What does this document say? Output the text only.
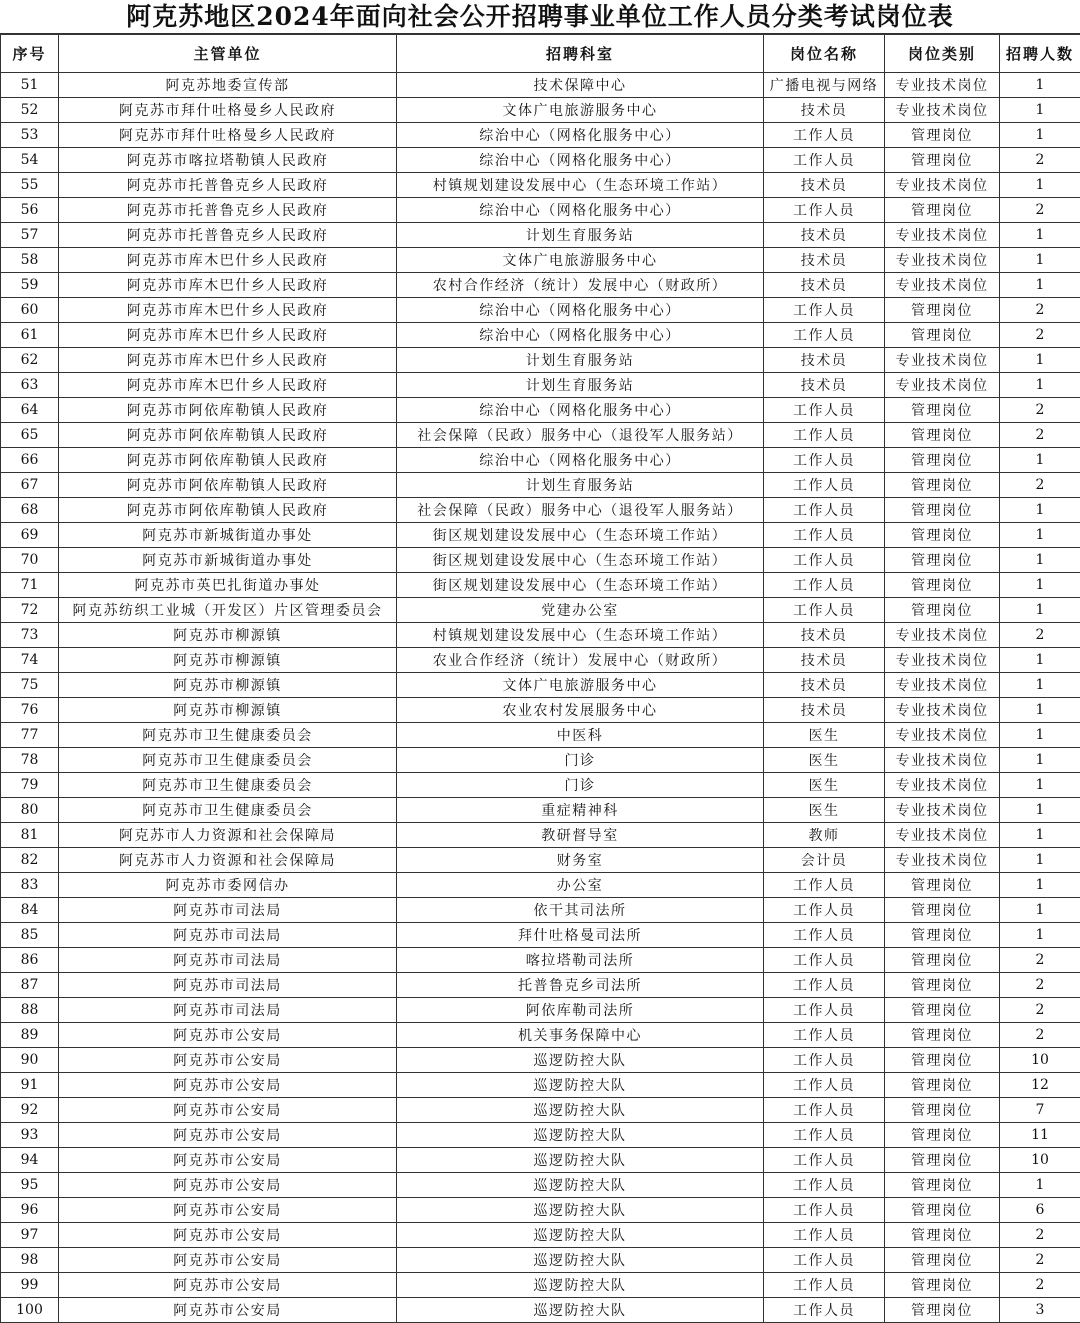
阿克苏地区2024年面向社会公开招聘事业单位工作人员分类考试岗位表
序号	主管单位	招聘科室	岗位名称	岗位类别	招聘人数
51	阿克苏地委宣传部	技术保障中心	广播电视与网络	专业技术岗位	1
52	阿克苏市拜什吐格曼乡人民政府	文体广电旅游服务中心	技术员	专业技术岗位	1
53	阿克苏市拜什吐格曼乡人民政府	综治中心（网格化服务中心）	工作人员	管理岗位	1
54	阿克苏市喀拉塔勒镇人民政府	综治中心（网格化服务中心）	工作人员	管理岗位	2
55	阿克苏市托普鲁克乡人民政府	村镇规划建设发展中心（生态环境工作站）	技术员	专业技术岗位	1
56	阿克苏市托普鲁克乡人民政府	综治中心（网格化服务中心）	工作人员	管理岗位	2
57	阿克苏市托普鲁克乡人民政府	计划生育服务站	技术员	专业技术岗位	1
58	阿克苏市库木巴什乡人民政府	文体广电旅游服务中心	技术员	专业技术岗位	1
59	阿克苏市库木巴什乡人民政府	农村合作经济（统计）发展中心（财政所）	技术员	专业技术岗位	1
60	阿克苏市库木巴什乡人民政府	综治中心（网格化服务中心）	工作人员	管理岗位	2
61	阿克苏市库木巴什乡人民政府	综治中心（网格化服务中心）	工作人员	管理岗位	2
62	阿克苏市库木巴什乡人民政府	计划生育服务站	技术员	专业技术岗位	1
63	阿克苏市库木巴什乡人民政府	计划生育服务站	技术员	专业技术岗位	1
64	阿克苏市阿依库勒镇人民政府	综治中心（网格化服务中心）	工作人员	管理岗位	2
65	阿克苏市阿依库勒镇人民政府	社会保障（民政）服务中心（退役军人服务站）	工作人员	管理岗位	2
66	阿克苏市阿依库勒镇人民政府	综治中心（网格化服务中心）	工作人员	管理岗位	1
67	阿克苏市阿依库勒镇人民政府	计划生育服务站	工作人员	管理岗位	2
68	阿克苏市阿依库勒镇人民政府	社会保障（民政）服务中心（退役军人服务站）	工作人员	管理岗位	1
69	阿克苏市新城街道办事处	街区规划建设发展中心（生态环境工作站）	工作人员	管理岗位	1
70	阿克苏市新城街道办事处	街区规划建设发展中心（生态环境工作站）	工作人员	管理岗位	1
71	阿克苏市英巴扎街道办事处	街区规划建设发展中心（生态环境工作站）	工作人员	管理岗位	1
72	阿克苏纺织工业城（开发区）片区管理委员会	党建办公室	工作人员	管理岗位	1
73	阿克苏市柳源镇	村镇规划建设发展中心（生态环境工作站）	技术员	专业技术岗位	2
74	阿克苏市柳源镇	农业合作经济（统计）发展中心（财政所）	技术员	专业技术岗位	1
75	阿克苏市柳源镇	文体广电旅游服务中心	技术员	专业技术岗位	1
76	阿克苏市柳源镇	农业农村发展服务中心	技术员	专业技术岗位	1
77	阿克苏市卫生健康委员会	中医科	医生	专业技术岗位	1
78	阿克苏市卫生健康委员会	门诊	医生	专业技术岗位	1
79	阿克苏市卫生健康委员会	门诊	医生	专业技术岗位	1
80	阿克苏市卫生健康委员会	重症精神科	医生	专业技术岗位	1
81	阿克苏市人力资源和社会保障局	教研督导室	教师	专业技术岗位	1
82	阿克苏市人力资源和社会保障局	财务室	会计员	专业技术岗位	1
83	阿克苏市委网信办	办公室	工作人员	管理岗位	1
84	阿克苏市司法局	依干其司法所	工作人员	管理岗位	1
85	阿克苏市司法局	拜什吐格曼司法所	工作人员	管理岗位	1
86	阿克苏市司法局	喀拉塔勒司法所	工作人员	管理岗位	2
87	阿克苏市司法局	托普鲁克乡司法所	工作人员	管理岗位	2
88	阿克苏市司法局	阿依库勒司法所	工作人员	管理岗位	2
89	阿克苏市公安局	机关事务保障中心	工作人员	管理岗位	2
90	阿克苏市公安局	巡逻防控大队	工作人员	管理岗位	10
91	阿克苏市公安局	巡逻防控大队	工作人员	管理岗位	12
92	阿克苏市公安局	巡逻防控大队	工作人员	管理岗位	7
93	阿克苏市公安局	巡逻防控大队	工作人员	管理岗位	11
94	阿克苏市公安局	巡逻防控大队	工作人员	管理岗位	10
95	阿克苏市公安局	巡逻防控大队	工作人员	管理岗位	1
96	阿克苏市公安局	巡逻防控大队	工作人员	管理岗位	6
97	阿克苏市公安局	巡逻防控大队	工作人员	管理岗位	2
98	阿克苏市公安局	巡逻防控大队	工作人员	管理岗位	2
99	阿克苏市公安局	巡逻防控大队	工作人员	管理岗位	2
100	阿克苏市公安局	巡逻防控大队	工作人员	管理岗位	3
